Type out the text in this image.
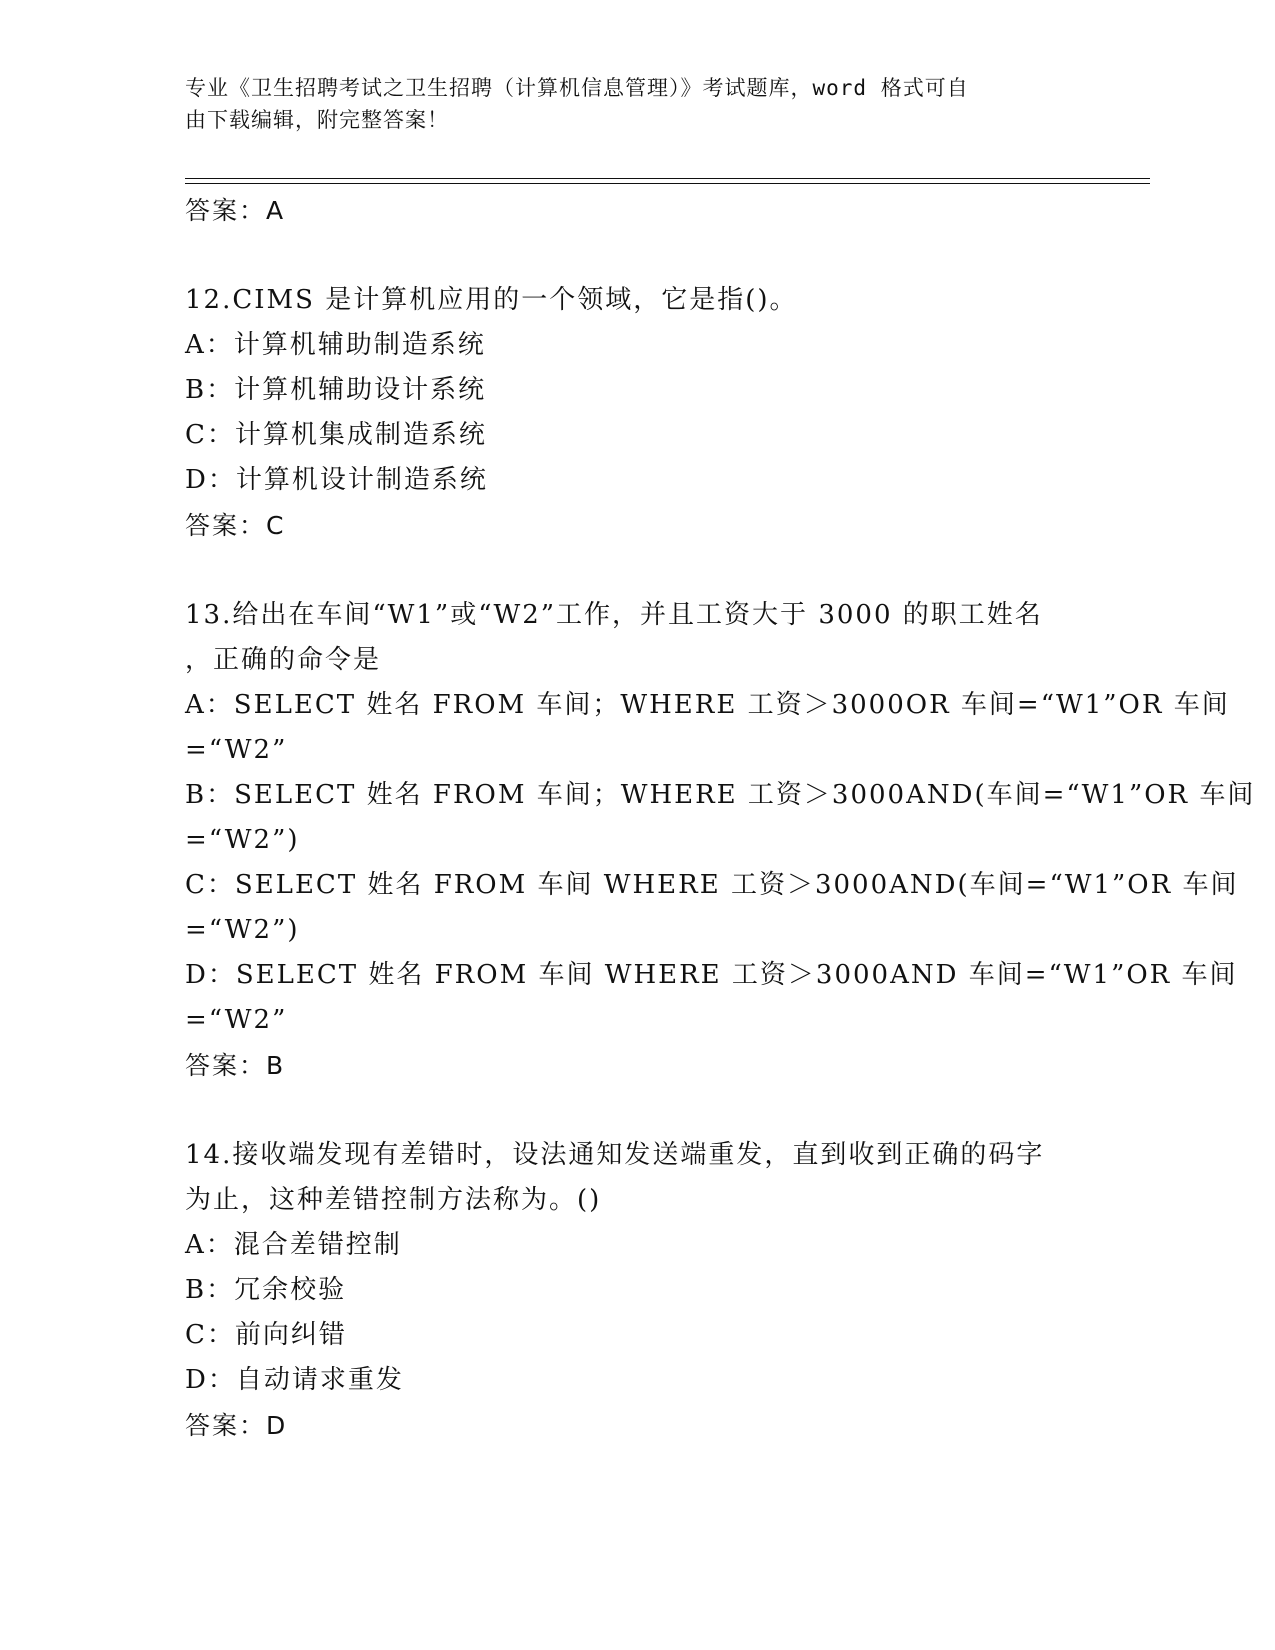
专业《卫生招聘考试之卫生招聘（计算机信息管理）》考试题库，word 格式可自
由下载编辑，附完整答案！
答案：A
12.CIMS 是计算机应用的一个领域，它是指()。
A：计算机辅助制造系统
B：计算机辅助设计系统
C：计算机集成制造系统
D：计算机设计制造系统
答案：C
13.给出在车间“W1”或“W2”工作，并且工资大于 3000 的职工姓名
，正确的命令是
A：SELECT 姓名 FROM 车间；WHERE 工资＞3000OR 车间=“W1”OR 车间
=“W2”
B：SELECT 姓名 FROM 车间；WHERE 工资＞3000AND(车间=“W1”OR 车间
=“W2”)
C：SELECT 姓名 FROM 车间 WHERE 工资＞3000AND(车间=“W1”OR 车间
=“W2”)
D：SELECT 姓名 FROM 车间 WHERE 工资＞3000AND 车间=“W1”OR 车间
=“W2”
答案：B
14.接收端发现有差错时，设法通知发送端重发，直到收到正确的码字
为止，这种差错控制方法称为。()
A：混合差错控制
B：冗余校验
C：前向纠错
D：自动请求重发
答案：D
